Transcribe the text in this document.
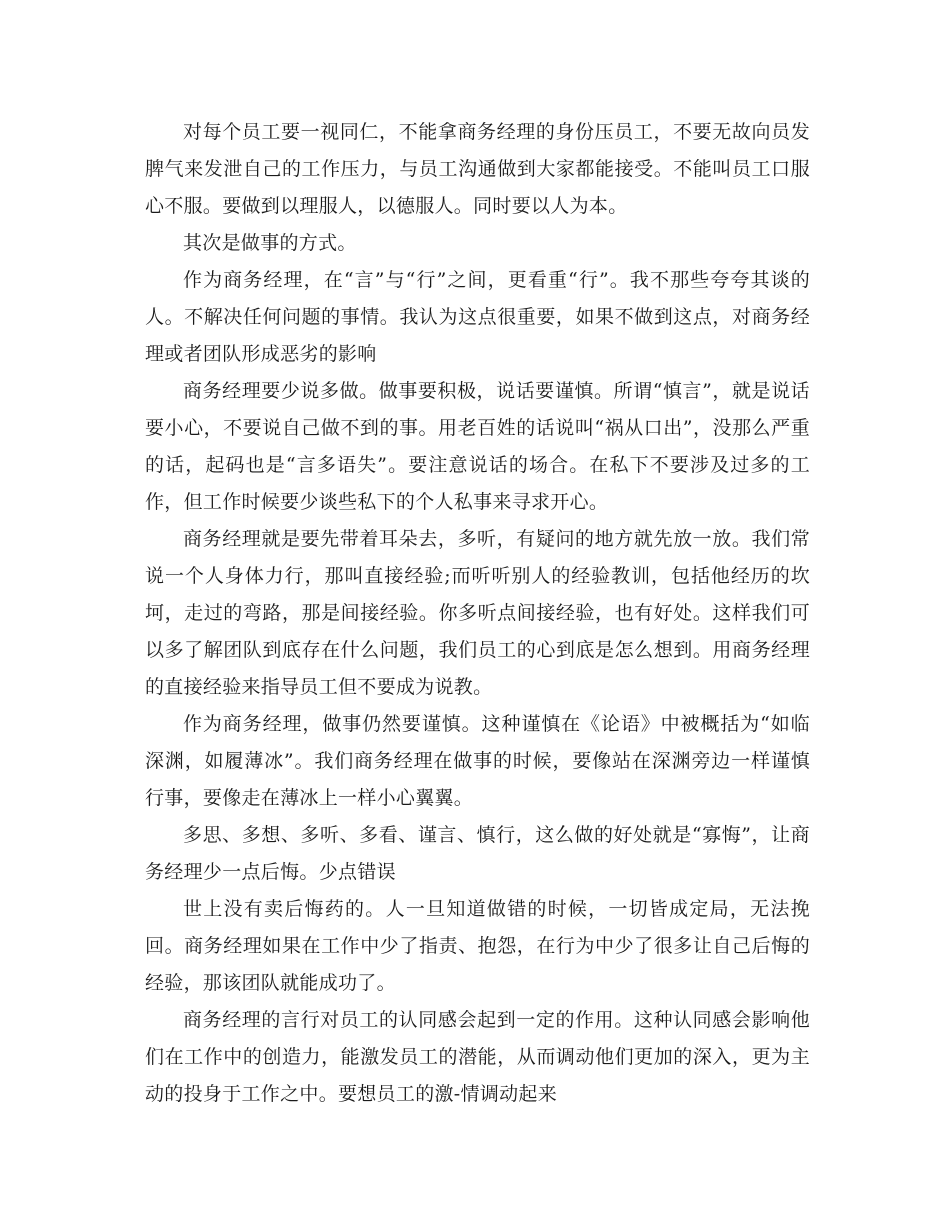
对每个员工要一视同仁，不能拿商务经理的身份压员工，不要无故向员发脾气来发泄自己的工作压力，与员工沟通做到大家都能接受。不能叫员工口服心不服。要做到以理服人，以德服人。同时要以人为本。

其次是做事的方式。

作为商务经理，在“言”与“行”之间，更看重“行”。我不那些夸夸其谈的人。不解决任何问题的事情。我认为这点很重要，如果不做到这点，对商务经理或者团队形成恶劣的影响

商务经理要少说多做。做事要积极，说话要谨慎。所谓“慎言”，就是说话要小心，不要说自己做不到的事。用老百姓的话说叫“祸从口出”，没那么严重的话，起码也是“言多语失”。要注意说话的场合。在私下不要涉及过多的工作，但工作时候要少谈些私下的个人私事来寻求开心。

商务经理就是要先带着耳朵去，多听，有疑问的地方就先放一放。我们常说一个人身体力行，那叫直接经验;而听听别人的经验教训，包括他经历的坎坷，走过的弯路，那是间接经验。你多听点间接经验，也有好处。这样我们可以多了解团队到底存在什么问题，我们员工的心到底是怎么想到。用商务经理的直接经验来指导员工但不要成为说教。

作为商务经理，做事仍然要谨慎。这种谨慎在《论语》中被概括为“如临深渊，如履薄冰”。我们商务经理在做事的时候，要像站在深渊旁边一样谨慎行事，要像走在薄冰上一样小心翼翼。

多思、多想、多听、多看、谨言、慎行，这么做的好处就是“寡悔”，让商务经理少一点后悔。少点错误

世上没有卖后悔药的。人一旦知道做错的时候，一切皆成定局，无法挽回。商务经理如果在工作中少了指责、抱怨，在行为中少了很多让自己后悔的经验，那该团队就能成功了。

商务经理的言行对员工的认同感会起到一定的作用。这种认同感会影响他们在工作中的创造力，能激发员工的潜能，从而调动他们更加的深入，更为主动的投身于工作之中。要想员工的激-情调动起来
